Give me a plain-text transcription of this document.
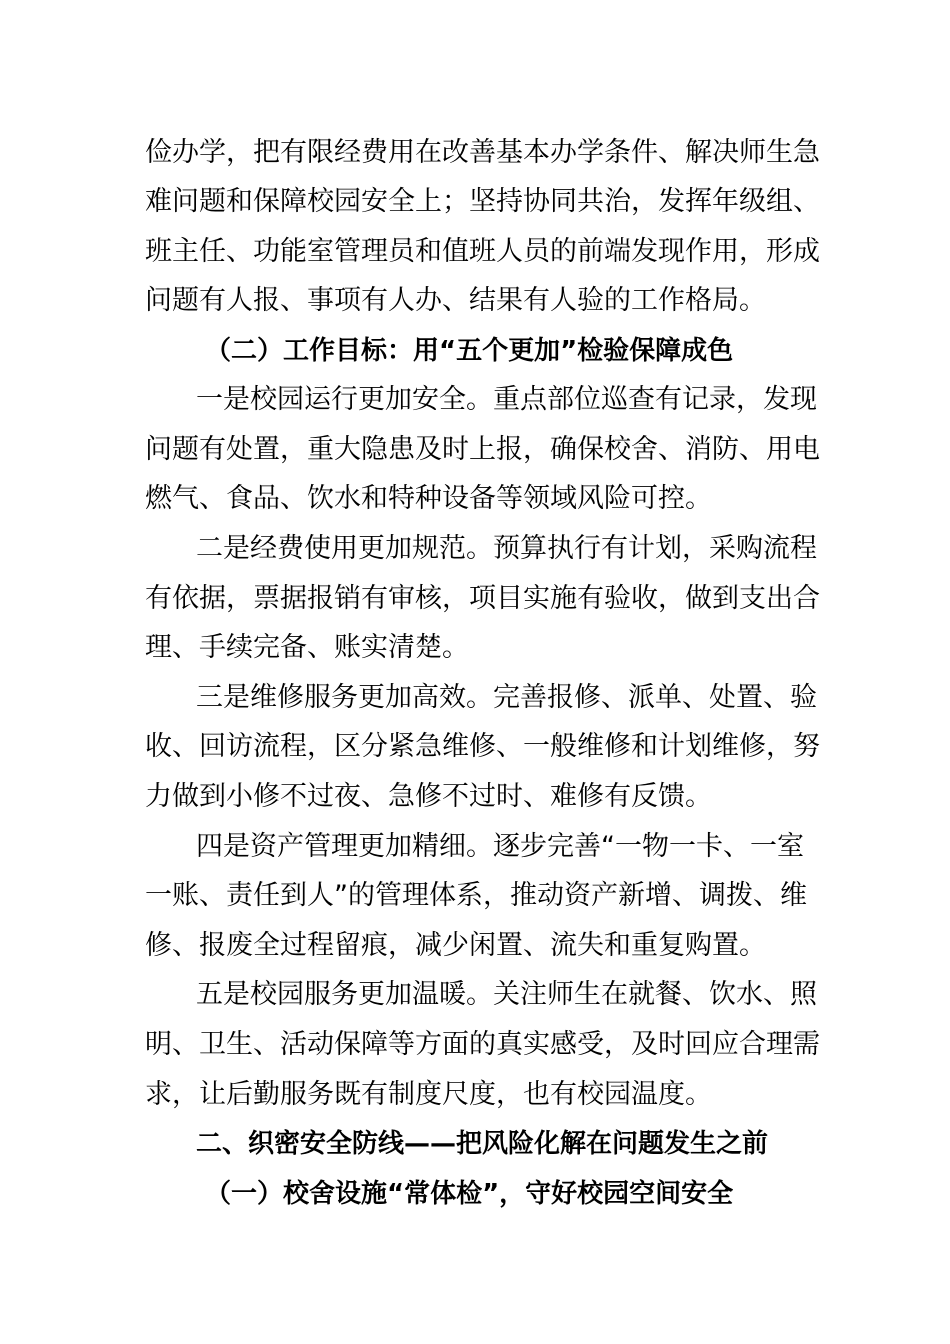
俭办学，把有限经费用在改善基本办学条件、解决师生急
难问题和保障校园安全上；坚持协同共治，发挥年级组、
班主任、功能室管理员和值班人员的前端发现作用，形成
问题有人报、事项有人办、结果有人验的工作格局。
（二）工作目标：用“五个更加”检验保障成色
一是校园运行更加安全。重点部位巡查有记录，发现
问题有处置，重大隐患及时上报，确保校舍、消防、用电
燃气、食品、饮水和特种设备等领域风险可控。
二是经费使用更加规范。预算执行有计划，采购流程
有依据，票据报销有审核，项目实施有验收，做到支出合
理、手续完备、账实清楚。
三是维修服务更加高效。完善报修、派单、处置、验
收、回访流程，区分紧急维修、一般维修和计划维修，努
力做到小修不过夜、急修不过时、难修有反馈。
四是资产管理更加精细。逐步完善“一物一卡、一室
一账、责任到人”的管理体系，推动资产新增、调拨、维
修、报废全过程留痕，减少闲置、流失和重复购置。
五是校园服务更加温暖。关注师生在就餐、饮水、照
明、卫生、活动保障等方面的真实感受，及时回应合理需
求，让后勤服务既有制度尺度，也有校园温度。
二、织密安全防线——把风险化解在问题发生之前
（一）校舍设施“常体检”，守好校园空间安全
